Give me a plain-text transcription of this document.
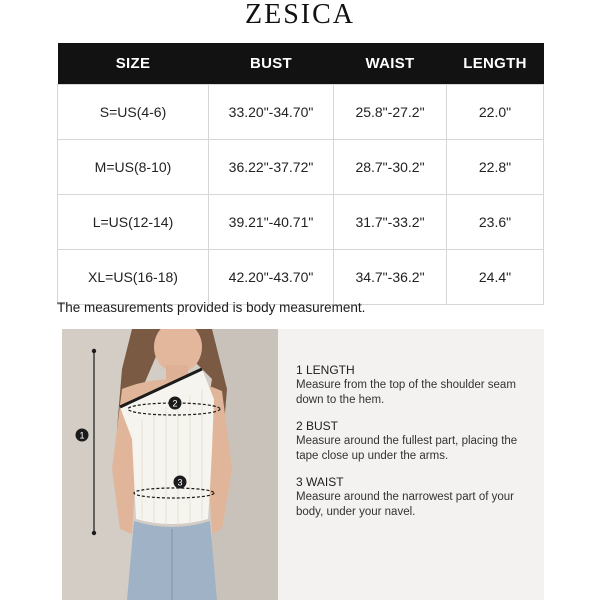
ZESICA
SIZE	BUST	WAIST	LENGTH
S=US(4-6)	33.20"-34.70"	25.8"-27.2"	22.0"
M=US(8-10)	36.22"-37.72"	28.7"-30.2"	22.8"
L=US(12-14)	39.21"-40.71"	31.7"-33.2"	23.6"
XL=US(16-18)	42.20"-43.70"	34.7"-36.2"	24.4"
The measurements provided is body measurement.
1
2
3
1 LENGTH
Measure from the top of the shoulder seam down to the hem.
2 BUST
Measure around the fullest part, placing the tape close up under the arms.
3 WAIST
Measure around the narrowest part of your body, under your navel.
